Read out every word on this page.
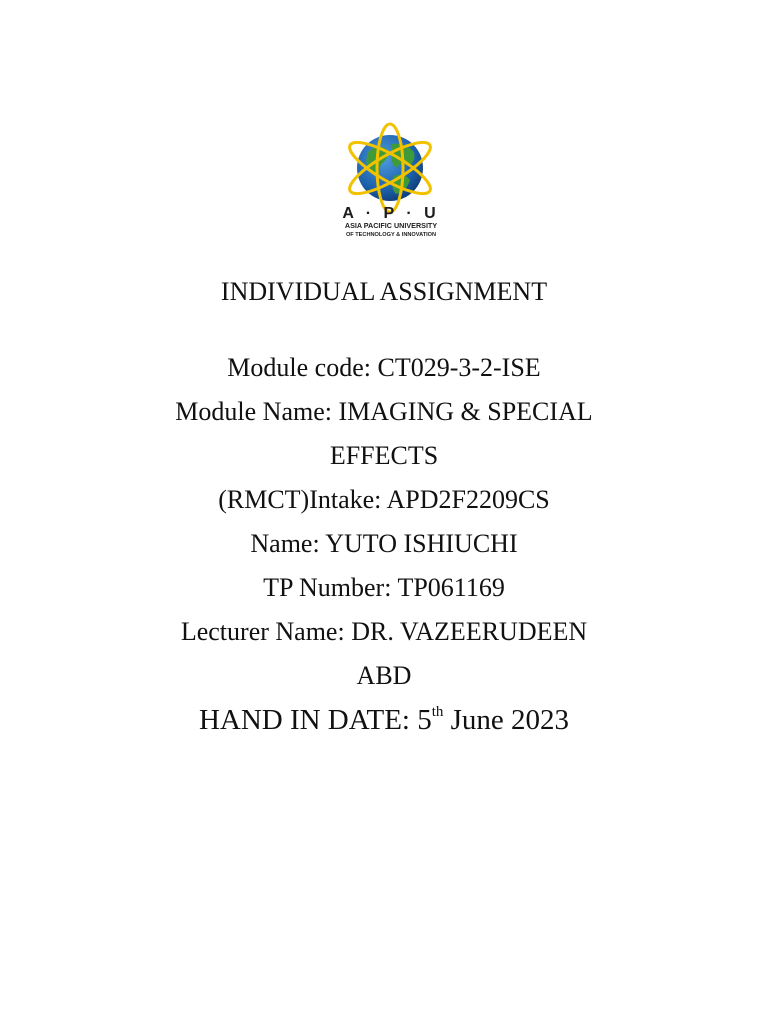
A · P · U
ASIA PACIFIC UNIVERSITY
OF TECHNOLOGY & INNOVATION
INDIVIDUAL ASSIGNMENT
Module code: CT029-3-2-ISE
Module Name: IMAGING & SPECIAL
EFFECTS
(RMCT)Intake: APD2F2209CS
Name: YUTO ISHIUCHI
TP Number: TP061169
Lecturer Name: DR. VAZEERUDEEN
ABD
HAND IN DATE: 5th June 2023
